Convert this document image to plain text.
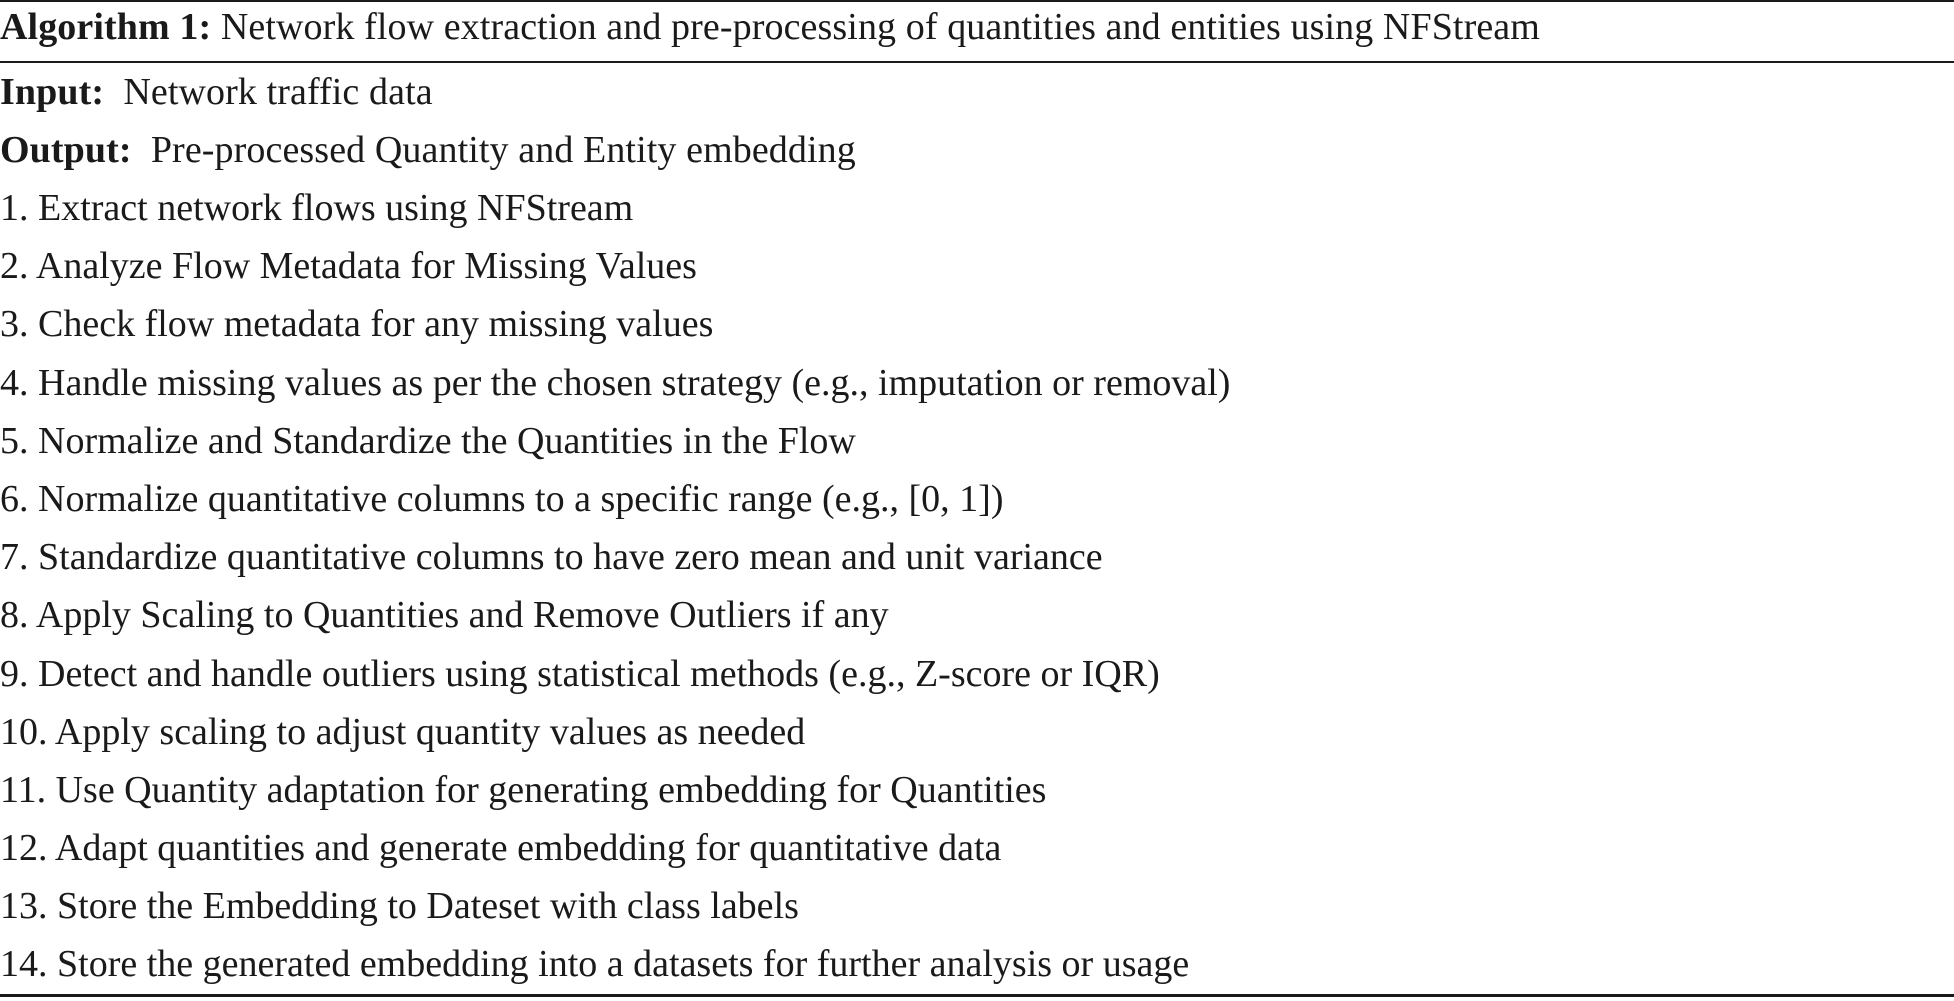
Algorithm 1: Network flow extraction and pre-processing of quantities and entities using NFStream
Input: Network traffic data
Output: Pre-processed Quantity and Entity embedding
1. Extract network flows using NFStream
2. Analyze Flow Metadata for Missing Values
3. Check flow metadata for any missing values
4. Handle missing values as per the chosen strategy (e.g., imputation or removal)
5. Normalize and Standardize the Quantities in the Flow
6. Normalize quantitative columns to a specific range (e.g., [0, 1])
7. Standardize quantitative columns to have zero mean and unit variance
8. Apply Scaling to Quantities and Remove Outliers if any
9. Detect and handle outliers using statistical methods (e.g., Z-score or IQR)
10. Apply scaling to adjust quantity values as needed
11. Use Quantity adaptation for generating embedding for Quantities
12. Adapt quantities and generate embedding for quantitative data
13. Store the Embedding to Dateset with class labels
14. Store the generated embedding into a datasets for further analysis or usage
